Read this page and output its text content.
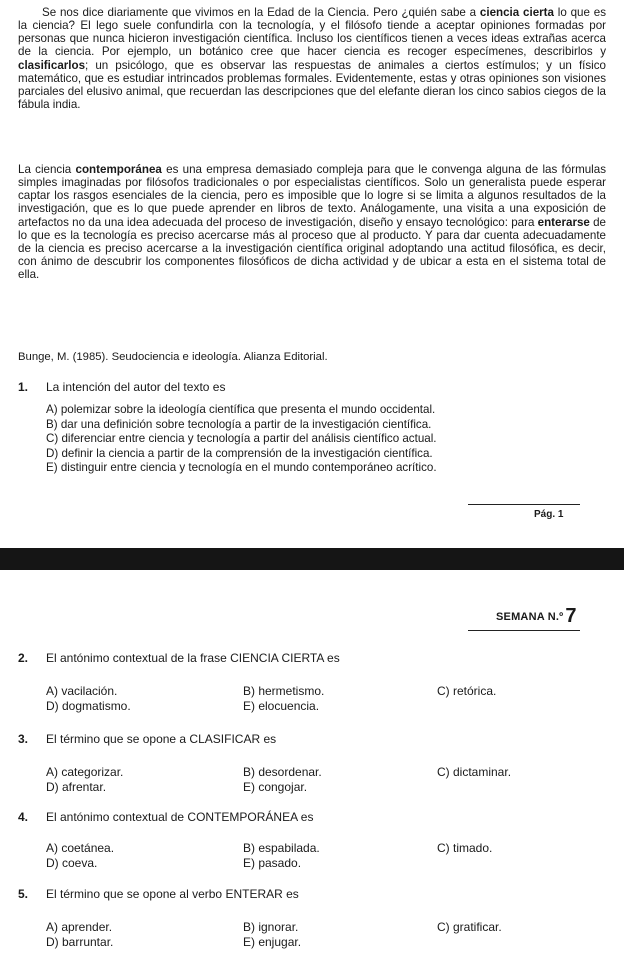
Se nos dice diariamente que vivimos en la Edad de la Ciencia. Pero ¿quién sabe a ciencia cierta lo que es la ciencia? El lego suele confundirla con la tecnología, y el filósofo tiende a aceptar opiniones formadas por personas que nunca hicieron investigación científica. Incluso los científicos tienen a veces ideas extrañas acerca de la ciencia. Por ejemplo, un botánico cree que hacer ciencia es recoger especímenes, describirlos y clasificarlos; un psicólogo, que es observar las respuestas de animales a ciertos estímulos; y un físico matemático, que es estudiar intrincados problemas formales. Evidentemente, estas y otras opiniones son visiones parciales del elusivo animal, que recuerdan las descripciones que del elefante dieran los cinco sabios ciegos de la fábula india.

La ciencia contemporánea es una empresa demasiado compleja para que le convenga alguna de las fórmulas simples imaginadas por filósofos tradicionales o por especialistas científicos. Solo un generalista puede esperar captar los rasgos esenciales de la ciencia, pero es imposible que lo logre si se limita a algunos resultados de la investigación, que es lo que puede aprender en libros de texto. Análogamente, una visita a una exposición de artefactos no da una idea adecuada del proceso de investigación, diseño y ensayo tecnológico: para enterarse de lo que es la tecnología es preciso acercarse más al proceso que al producto. Y para dar cuenta adecuadamente de la ciencia es preciso acercarse a la investigación científica original adoptando una actitud filosófica, es decir, con ánimo de descubrir los componentes filosóficos de dicha actividad y de ubicar a esta en el sistema total de ella.

Bunge, M. (1985). Seudociencia e ideología. Alianza Editorial.
1. La intención del autor del texto es
A) polemizar sobre la ideología científica que presenta el mundo occidental.
B) dar una definición sobre tecnología a partir de la investigación científica.
C) diferenciar entre ciencia y tecnología a partir del análisis científico actual.
D) definir la ciencia a partir de la comprensión de la investigación científica.
E) distinguir entre ciencia y tecnología en el mundo contemporáneo acrítico.
Pág. 1
SEMANA N.º 7
2. El antónimo contextual de la frase CIENCIA CIERTA es
A) vacilación.	B) hermetismo.	C) retórica.
D) dogmatismo.	E) elocuencia.
3. El término que se opone a CLASIFICAR es
A) categorizar.	B) desordenar.	C) dictaminar.
D) afrentar.	E) congojar.
4. El antónimo contextual de CONTEMPORÁNEA es
A) coetánea.	B) espabilada.	C) timado.
D) coeva.	E) pasado.
5. El término que se opone al verbo ENTERAR es
A) aprender.	B) ignorar.	C) gratificar.
D) barruntar.	E) enjugar.
